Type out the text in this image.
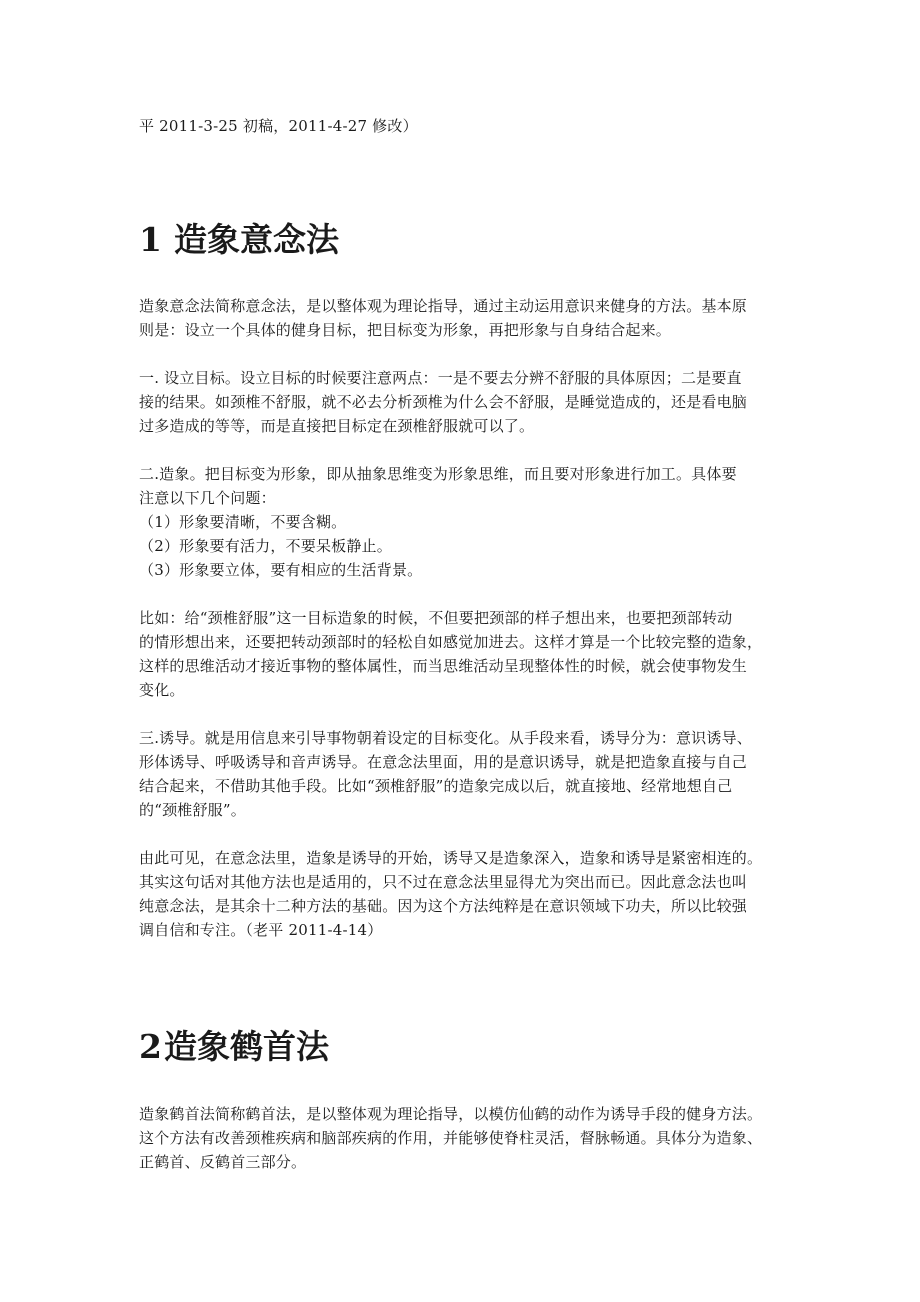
平 2011-3-25 初稿，2011-4-27 修改）
1 造象意念法
造象意念法简称意念法，是以整体观为理论指导，通过主动运用意识来健身的方法。基本原
则是：设立一个具体的健身目标，把目标变为形象，再把形象与自身结合起来。
一. 设立目标。设立目标的时候要注意两点：一是不要去分辨不舒服的具体原因；二是要直
接的结果。如颈椎不舒服，就不必去分析颈椎为什么会不舒服，是睡觉造成的，还是看电脑
过多造成的等等，而是直接把目标定在颈椎舒服就可以了。
二.造象。把目标变为形象，即从抽象思维变为形象思维，而且要对形象进行加工。具体要
注意以下几个问题：
（1）形象要清晰，不要含糊。
（2）形象要有活力，不要呆板静止。
（3）形象要立体，要有相应的生活背景。
比如：给“颈椎舒服”这一目标造象的时候，不但要把颈部的样子想出来，也要把颈部转动
的情形想出来，还要把转动颈部时的轻松自如感觉加进去。这样才算是一个比较完整的造象，
这样的思维活动才接近事物的整体属性，而当思维活动呈现整体性的时候，就会使事物发生
变化。
三.诱导。就是用信息来引导事物朝着设定的目标变化。从手段来看，诱导分为：意识诱导、
形体诱导、呼吸诱导和音声诱导。在意念法里面，用的是意识诱导，就是把造象直接与自己
结合起来，不借助其他手段。比如“颈椎舒服”的造象完成以后，就直接地、经常地想自己
的“颈椎舒服”。
由此可见，在意念法里，造象是诱导的开始，诱导又是造象深入，造象和诱导是紧密相连的。
其实这句话对其他方法也是适用的，只不过在意念法里显得尤为突出而已。因此意念法也叫
纯意念法，是其余十二种方法的基础。因为这个方法纯粹是在意识领域下功夫，所以比较强
调自信和专注。（老平 2011-4-14）
2造象鹤首法
造象鹤首法简称鹤首法，是以整体观为理论指导，以模仿仙鹤的动作为诱导手段的健身方法。
这个方法有改善颈椎疾病和脑部疾病的作用，并能够使脊柱灵活，督脉畅通。具体分为造象、
正鹤首、反鹤首三部分。
